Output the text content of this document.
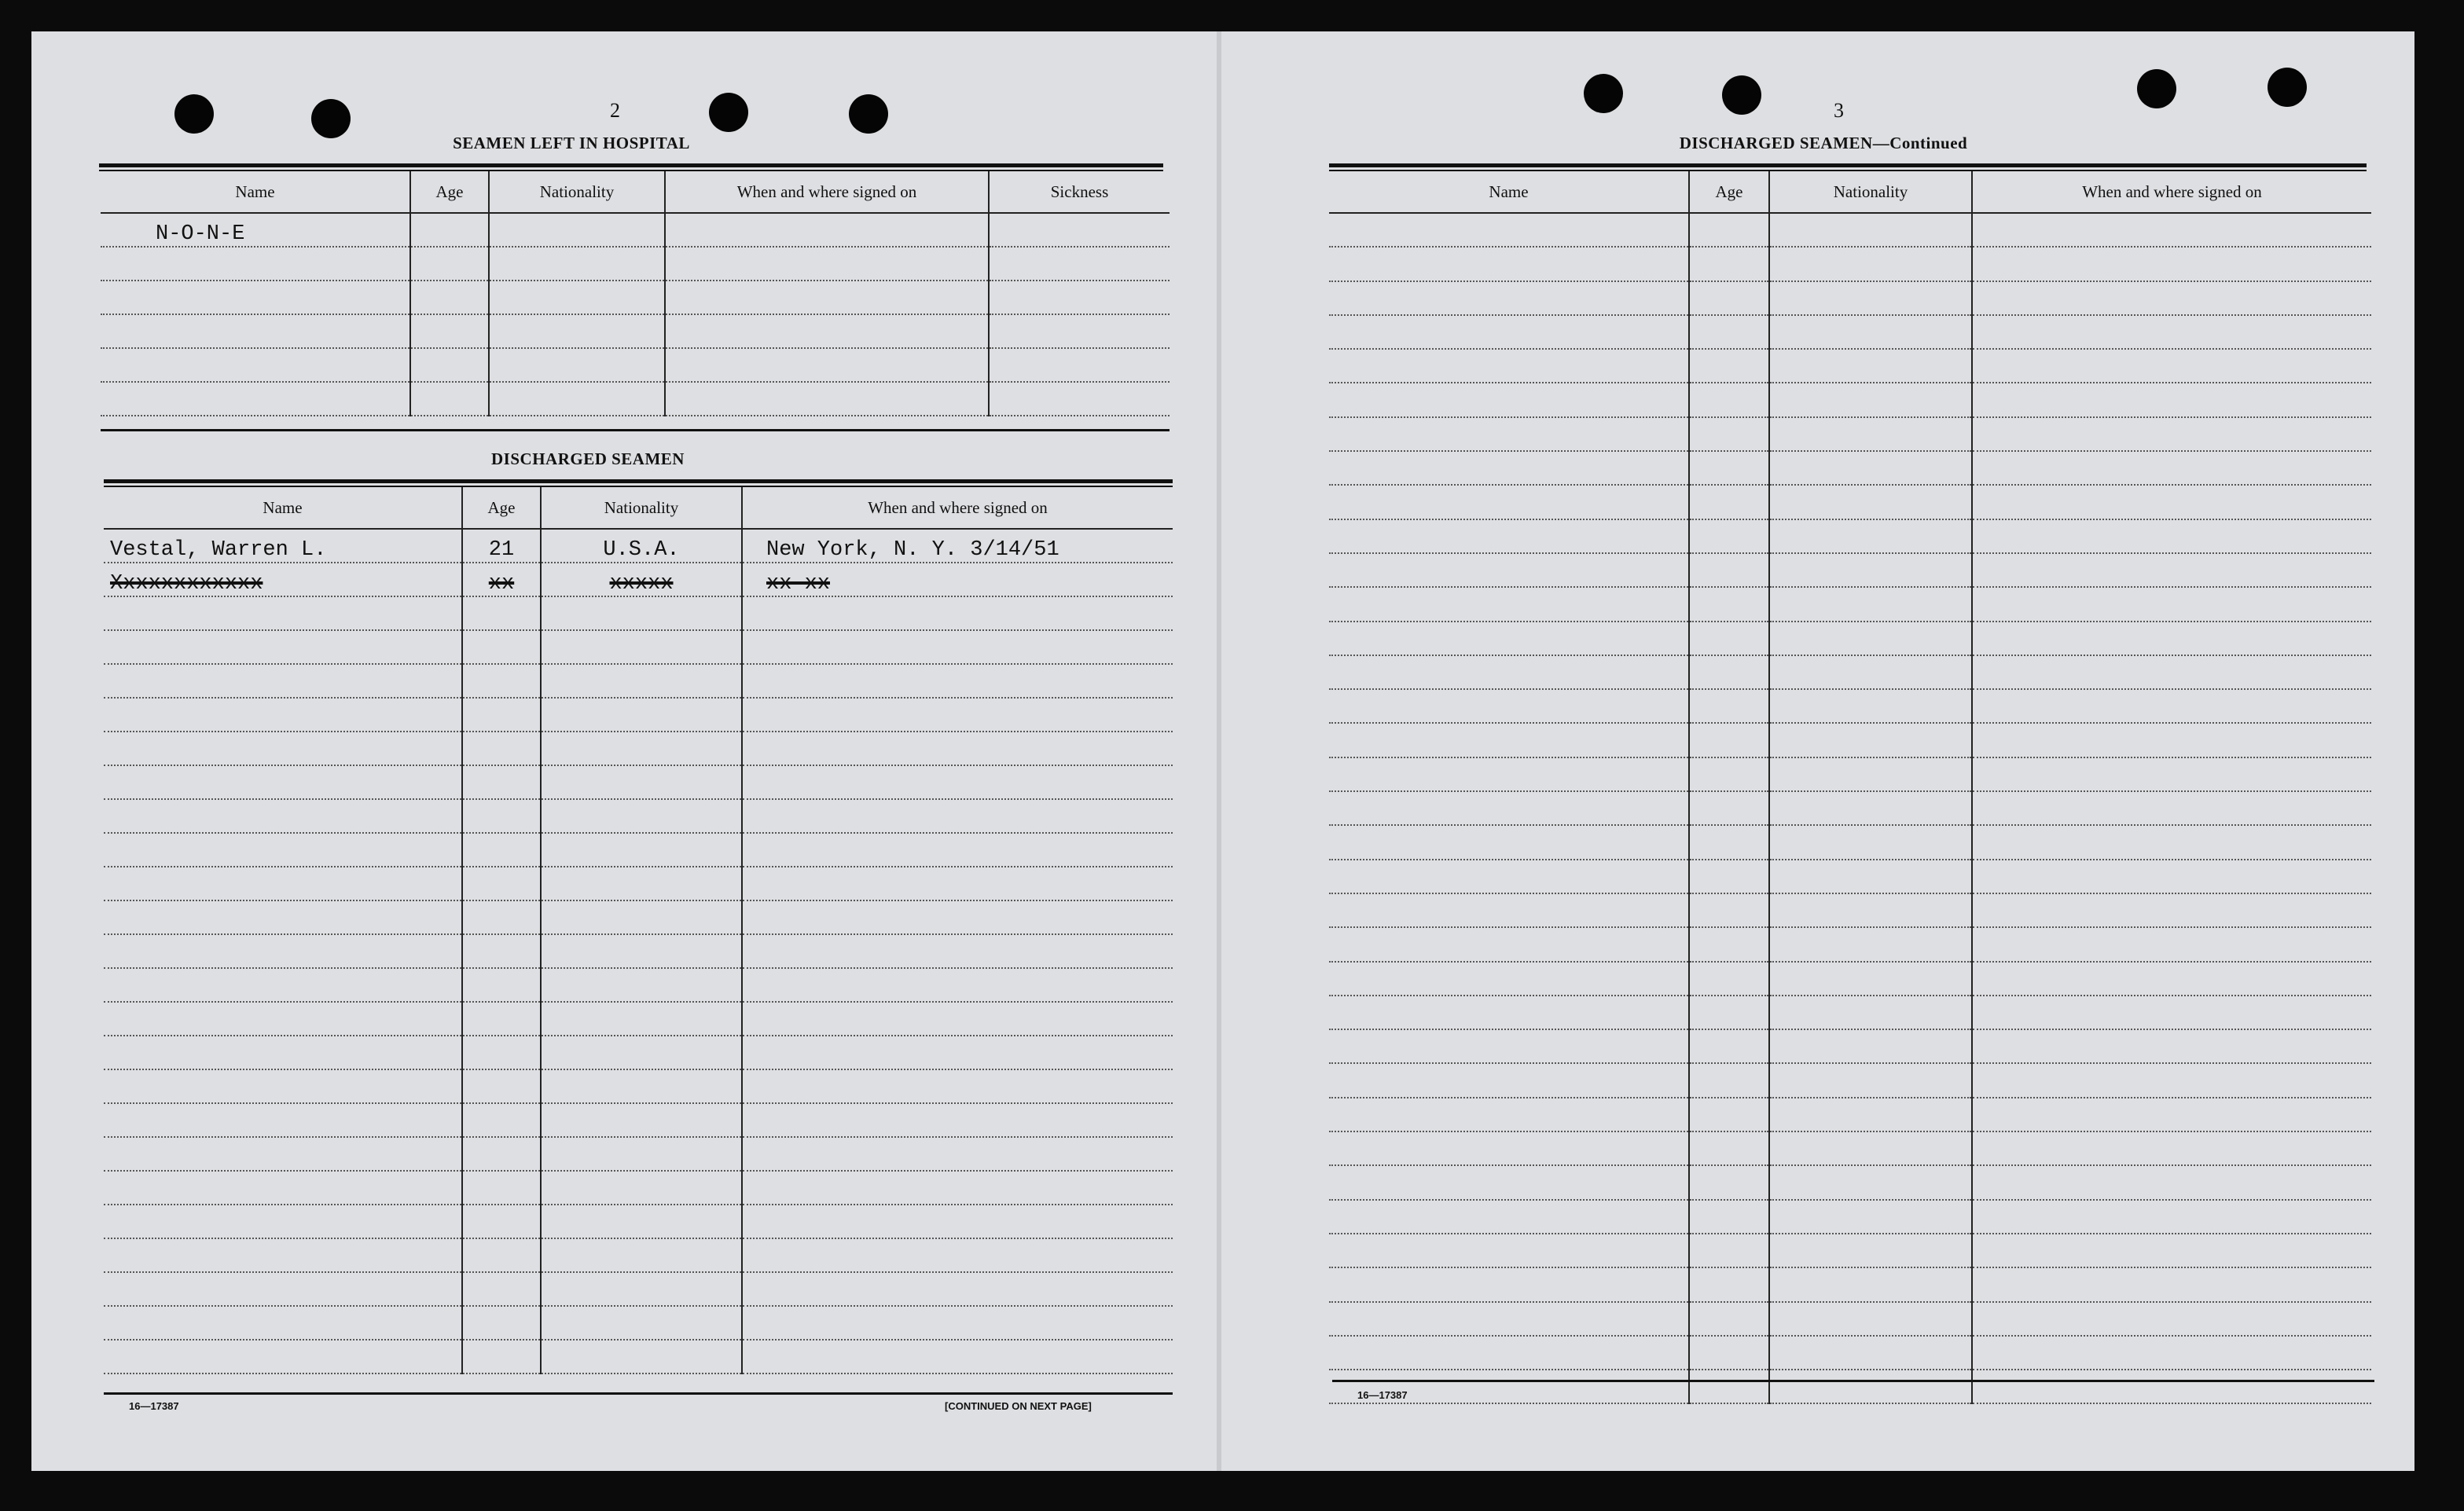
2
SEAMEN LEFT IN HOSPITAL
Name	Age	Nationality	When and where signed on	Sickness
N-O-N-E				

DISCHARGED SEAMEN
Name	Age	Nationality	When and where signed on
Vestal, Warren L.	21	U.S.A.	New York, N. Y. 3/14/51
Xxxxxxxxxxxx	xx	xxxxx	xx xx

16—17387	[CONTINUED ON NEXT PAGE]
3
DISCHARGED SEAMEN—Continued
Name	Age	Nationality	When and where signed on

16—17387
